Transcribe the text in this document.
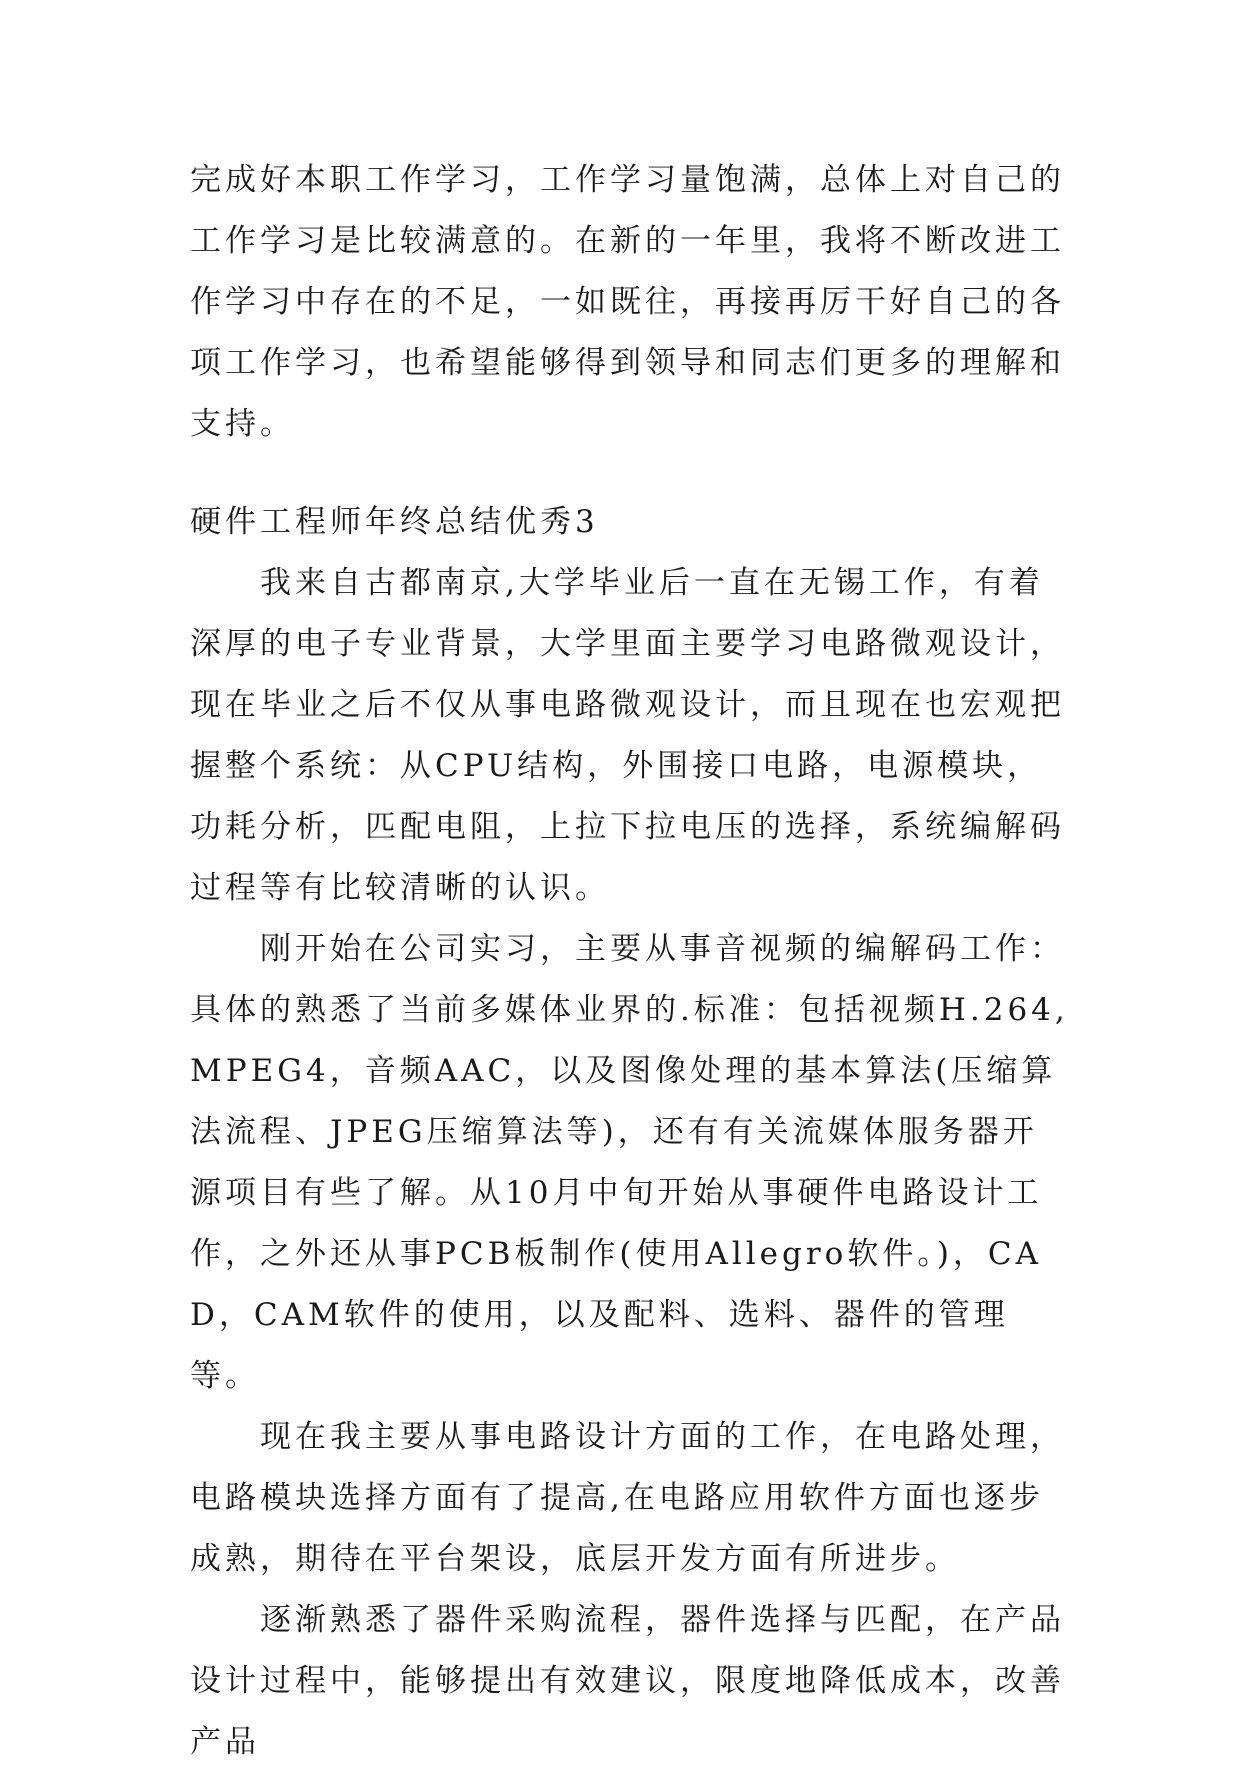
完成好本职工作学习，工作学习量饱满，总体上对自己的工作学习是比较满意的。在新的一年里，我将不断改进工作学习中存在的不足，一如既往，再接再厉干好自己的各项工作学习，也希望能够得到领导和同志们更多的理解和支持。

硬件工程师年终总结优秀3

我来自古都南京,大学毕业后一直在无锡工作，有着深厚的电子专业背景，大学里面主要学习电路微观设计，现在毕业之后不仅从事电路微观设计，而且现在也宏观把握整个系统：从CPU结构，外围接口电路，电源模块，功耗分析，匹配电阻，上拉下拉电压的选择，系统编解码过程等有比较清晰的认识。

刚开始在公司实习，主要从事音视频的编解码工作：具体的熟悉了当前多媒体业界的.标准：包括视频H.264,MPEG4，音频AAC，以及图像处理的基本算法(压缩算法流程、JPEG压缩算法等)，还有有关流媒体服务器开源项目有些了解。从10月中旬开始从事硬件电路设计工作，之外还从事PCB板制作(使用Allegro软件。)，CAD，CAM软件的使用，以及配料、选料、器件的管理等。

现在我主要从事电路设计方面的工作，在电路处理，电路模块选择方面有了提高,在电路应用软件方面也逐步成熟，期待在平台架设，底层开发方面有所进步。

逐渐熟悉了器件采购流程，器件选择与匹配，在产品设计过程中，能够提出有效建议，限度地降低成本，改善产品
